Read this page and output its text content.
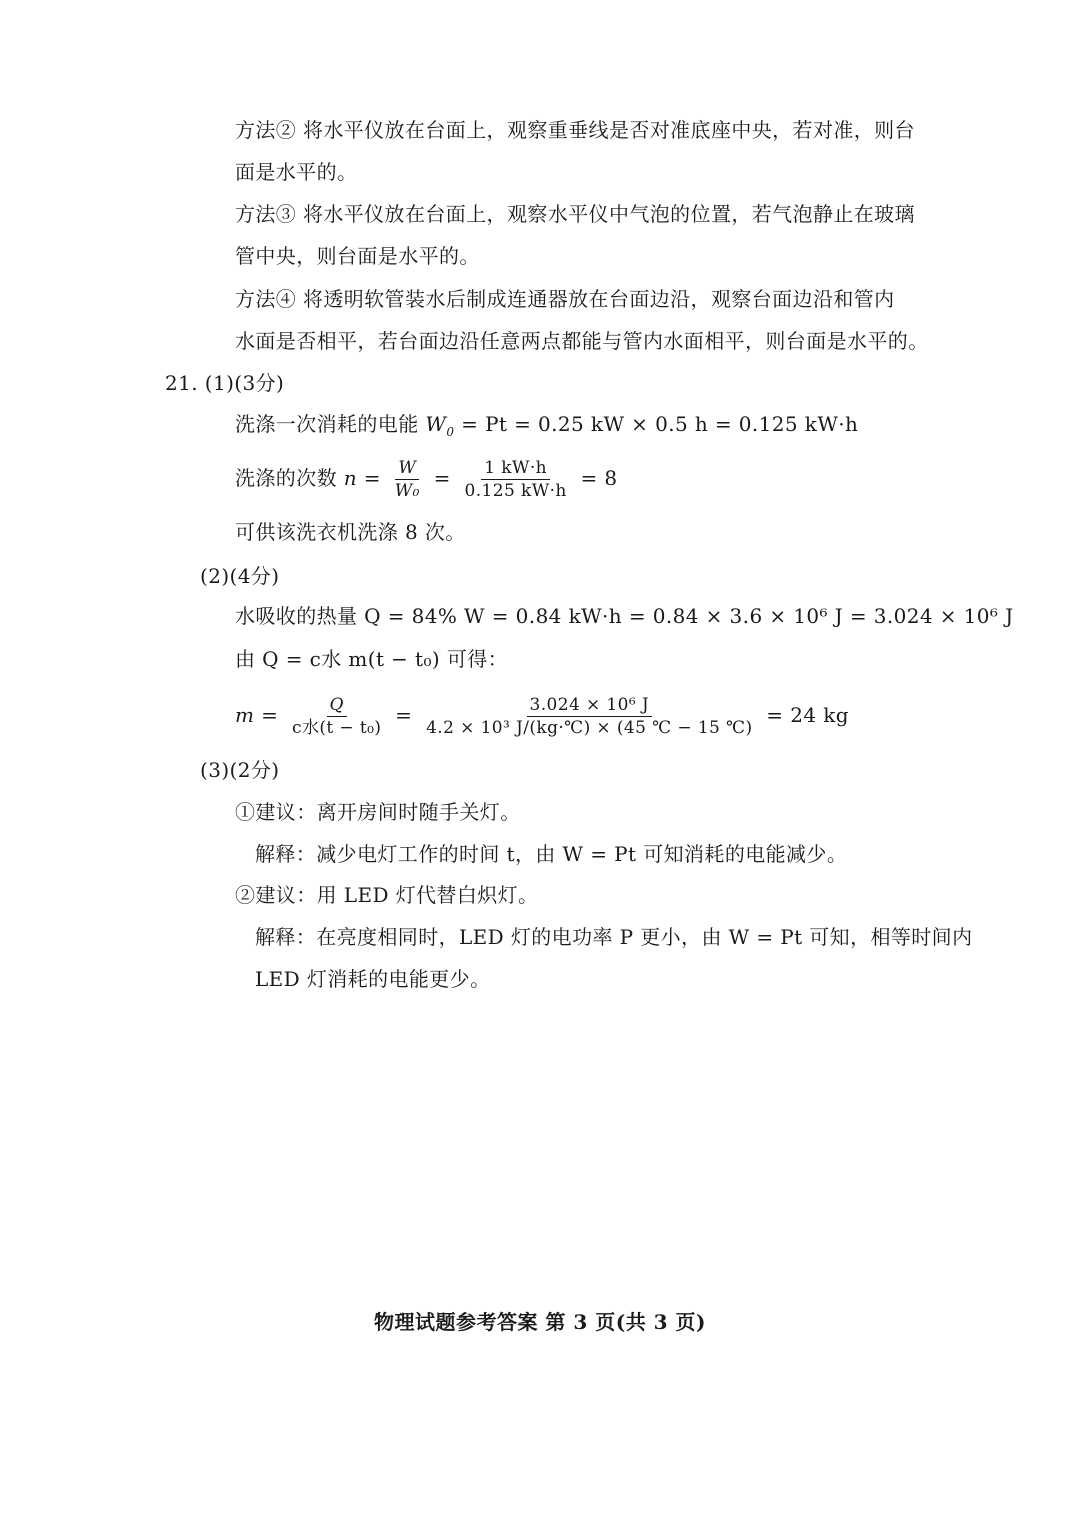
方法② 将水平仪放在台面上，观察重垂线是否对准底座中央，若对准，则台
面是水平的。
方法③ 将水平仪放在台面上，观察水平仪中气泡的位置，若气泡静止在玻璃
管中央，则台面是水平的。
方法④ 将透明软管装水后制成连通器放在台面边沿，观察台面边沿和管内
水面是否相平，若台面边沿任意两点都能与管内水面相平，则台面是水平的。
21. (1)(3分)
洗涤一次消耗的电能 $W_0 = Pt = 0.25$ kW × 0.5 h = 0.125 kW·h
洗涤的次数 $n = \frac{W}{\text{W₀}} = \frac{1 kW\cdot h}{0.125 kW\cdot h} = 8$
可供该洗衣机洗涤 8 次。
(2)(4分)
水吸收的热量 Q = 84% W = 0.84 kW·h = 0.84 × 3.6 × 10⁶ J = 3.024 × 10⁶ J
由 Q = c水 m(t − t₀) 可得：
$m = \frac{Q}{\text{c水(t − t₀)}} = \frac{\text{3.024 × 10⁶ J}}{\text{4.2 × 10³ J/(kg·℃) × (45 ℃ − 15 ℃)}} = 24$ kg
(3)(2分)
①建议：离开房间时随手关灯。
解释：减少电灯工作的时间 t，由 W = Pt 可知消耗的电能减少。
②建议：用 LED 灯代替白炽灯。
解释：在亮度相同时，LED 灯的电功率 P 更小，由 W = Pt 可知，相等时间内
LED 灯消耗的电能更少。
物理试题参考答案 第 3 页(共 3 页)
